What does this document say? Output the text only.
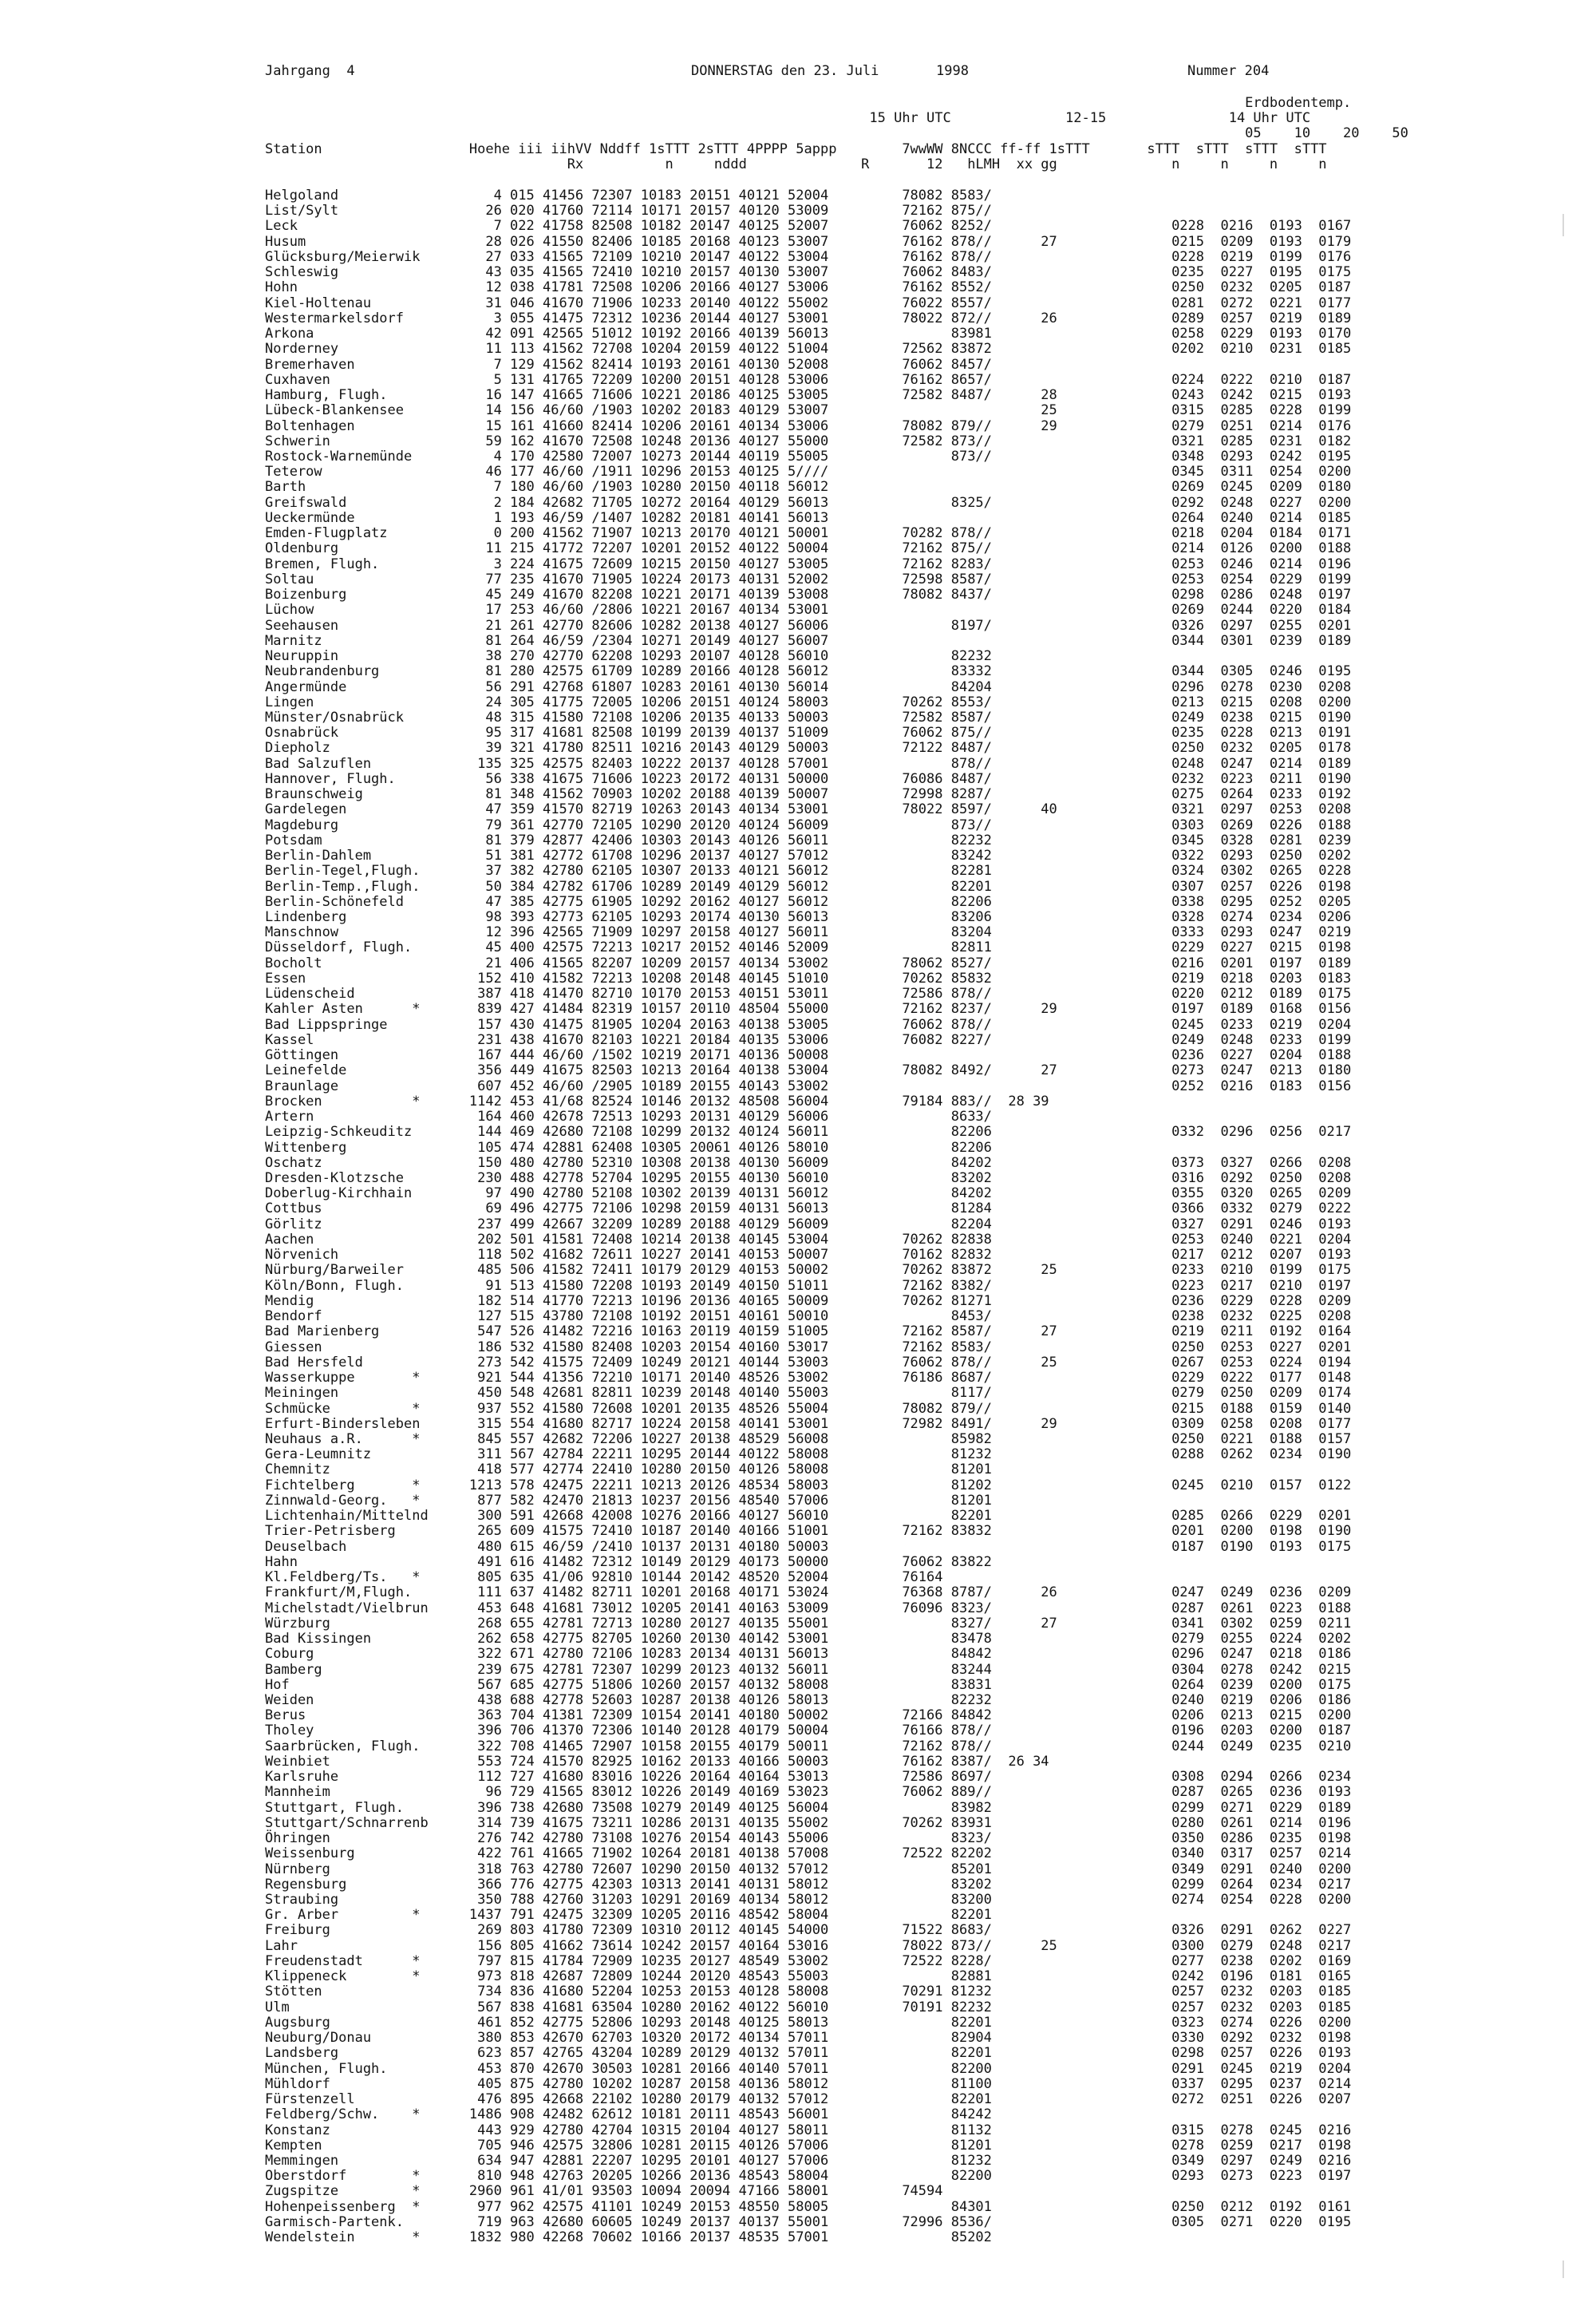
Jahrgang  4	DONNERSTAG den 23. Juli       1998	Nummer 204
Erdbodentemp.
15 Uhr UTC              12-15               14 Uhr UTC
05    10    20    50
Station                  Hoehe iii iihVV Nddff 1sTTT 2sTTT 4PPPP 5appp        7wwWW 8NCCC ff-ff 1sTTT       sTTT  sTTT  sTTT  sTTT
Rx          n     nddd              R       12   hLMH  xx gg              n     n     n     n
Helgoland                   4 015 41456 72307 10183 20151 40121 52004         78082 8583/
List/Sylt                  26 020 41760 72114 10171 20157 40120 53009         72162 875//
Leck                        7 022 41758 82508 10182 20147 40125 52007         76062 8252/                      0228  0216  0193  0167
Husum                      28 026 41550 82406 10185 20168 40123 53007         76162 878//      27              0215  0209  0193  0179
Glücksburg/Meierwik        27 033 41565 72109 10210 20147 40122 53004         76162 878//                      0228  0219  0199  0176
Schleswig                  43 035 41565 72410 10210 20157 40130 53007         76062 8483/                      0235  0227  0195  0175
Hohn                       12 038 41781 72508 10206 20166 40127 53006         76162 8552/                      0250  0232  0205  0187
Kiel-Holtenau              31 046 41670 71906 10233 20140 40122 55002         76022 8557/                      0281  0272  0221  0177
Westermarkelsdorf           3 055 41475 72312 10236 20144 40127 53001         78022 872//      26              0289  0257  0219  0189
Arkona                     42 091 42565 51012 10192 20166 40139 56013               83981                      0258  0229  0193  0170
Norderney                  11 113 41562 72708 10204 20159 40122 51004         72562 83872                      0202  0210  0231  0185
Bremerhaven                 7 129 41562 82414 10193 20161 40130 52008         76062 8457/
Cuxhaven                    5 131 41765 72209 10200 20151 40128 53006         76162 8657/                      0224  0222  0210  0187
Hamburg, Flugh.            16 147 41665 71606 10221 20186 40125 53005         72582 8487/      28              0243  0242  0215  0193
Lübeck-Blankensee          14 156 46/60 /1903 10202 20183 40129 53007                          25              0315  0285  0228  0199
Boltenhagen                15 161 41660 82414 10206 20161 40134 53006         78082 879//      29              0279  0251  0214  0176
Schwerin                   59 162 41670 72508 10248 20136 40127 55000         72582 873//                      0321  0285  0231  0182
Rostock-Warnemünde          4 170 42580 72007 10273 20144 40119 55005               873//                      0348  0293  0242  0195
Teterow                    46 177 46/60 /1911 10296 20153 40125 5////                                          0345  0311  0254  0200
Barth                       7 180 46/60 /1903 10280 20150 40118 56012                                          0269  0245  0209  0180
Greifswald                  2 184 42682 71705 10272 20164 40129 56013               8325/                      0292  0248  0227  0200
Ueckermünde                 1 193 46/59 /1407 10282 20181 40141 56013                                          0264  0240  0214  0185
Emden-Flugplatz             0 200 41562 71907 10213 20170 40121 50001         70282 878//                      0218  0204  0184  0171
Oldenburg                  11 215 41772 72207 10201 20152 40122 50004         72162 875//                      0214  0126  0200  0188
Bremen, Flugh.              3 224 41675 72609 10215 20150 40127 53005         72162 8283/                      0253  0246  0214  0196
Soltau                     77 235 41670 71905 10224 20173 40131 52002         72598 8587/                      0253  0254  0229  0199
Boizenburg                 45 249 41670 82208 10221 20171 40139 53008         78082 8437/                      0298  0286  0248  0197
Lüchow                     17 253 46/60 /2806 10221 20167 40134 53001                                          0269  0244  0220  0184
Seehausen                  21 261 42770 82606 10282 20138 40127 56006               8197/                      0326  0297  0255  0201
Marnitz                    81 264 46/59 /2304 10271 20149 40127 56007                                          0344  0301  0239  0189
Neuruppin                  38 270 42770 62208 10293 20107 40128 56010               82232
Neubrandenburg             81 280 42575 61709 10289 20166 40128 56012               83332                      0344  0305  0246  0195
Angermünde                 56 291 42768 61807 10283 20161 40130 56014               84204                      0296  0278  0230  0208
Lingen                     24 305 41775 72005 10206 20151 40124 58003         70262 8553/                      0213  0215  0208  0200
Münster/Osnabrück          48 315 41580 72108 10206 20135 40133 50003         72582 8587/                      0249  0238  0215  0190
Osnabrück                  95 317 41681 82508 10199 20139 40137 51009         76062 875//                      0235  0228  0213  0191
Diepholz                   39 321 41780 82511 10216 20143 40129 50003         72122 8487/                      0250  0232  0205  0178
Bad Salzuflen             135 325 42575 82403 10222 20137 40128 57001               878//                      0248  0247  0214  0189
Hannover, Flugh.           56 338 41675 71606 10223 20172 40131 50000         76086 8487/                      0232  0223  0211  0190
Braunschweig               81 348 41562 70903 10202 20188 40139 50007         72998 8287/                      0275  0264  0233  0192
Gardelegen                 47 359 41570 82719 10263 20143 40134 53001         78022 8597/      40              0321  0297  0253  0208
Magdeburg                  79 361 42770 72105 10290 20120 40124 56009               873//                      0303  0269  0226  0188
Potsdam                    81 379 42877 42406 10303 20143 40126 56011               82232                      0345  0328  0281  0239
Berlin-Dahlem              51 381 42772 61708 10296 20137 40127 57012               83242                      0322  0293  0250  0202
Berlin-Tegel,Flugh.        37 382 42780 62105 10307 20133 40121 56012               82281                      0324  0302  0265  0228
Berlin-Temp.,Flugh.        50 384 42782 61706 10289 20149 40129 56012               82201                      0307  0257  0226  0198
Berlin-Schönefeld          47 385 42775 61905 10292 20162 40127 56012               82206                      0338  0295  0252  0205
Lindenberg                 98 393 42773 62105 10293 20174 40130 56013               83206                      0328  0274  0234  0206
Manschnow                  12 396 42565 71909 10297 20158 40127 56011               83204                      0333  0293  0247  0219
Düsseldorf, Flugh.         45 400 42575 72213 10217 20152 40146 52009               82811                      0229  0227  0215  0198
Bocholt                    21 406 41565 82207 10209 20157 40134 53002         78062 8527/                      0216  0201  0197  0189
Essen                     152 410 41582 72213 10208 20148 40145 51010         70262 85832                      0219  0218  0203  0183
Lüdenscheid               387 418 41470 82710 10170 20153 40151 53011         72586 878//                      0220  0212  0189  0175
Kahler Asten      *       839 427 41484 82319 10157 20110 48504 55000         72162 8237/      29              0197  0189  0168  0156
Bad Lippspringe           157 430 41475 81905 10204 20163 40138 53005         76062 878//                      0245  0233  0219  0204
Kassel                    231 438 41670 82103 10221 20184 40135 53006         76082 8227/                      0249  0248  0233  0199
Göttingen                 167 444 46/60 /1502 10219 20171 40136 50008                                          0236  0227  0204  0188
Leinefelde                356 449 41675 82503 10213 20164 40138 53004         78082 8492/      27              0273  0247  0213  0180
Braunlage                 607 452 46/60 /2905 10189 20155 40143 53002                                          0252  0216  0183  0156
Brocken           *      1142 453 41/68 82524 10146 20132 48508 56004         79184 883//  28 39
Artern                    164 460 42678 72513 10293 20131 40129 56006               8633/
Leipzig-Schkeuditz        144 469 42680 72108 10299 20132 40124 56011               82206                      0332  0296  0256  0217
Wittenberg                105 474 42881 62408 10305 20061 40126 58010               82206
Oschatz                   150 480 42780 52310 10308 20138 40130 56009               84202                      0373  0327  0266  0208
Dresden-Klotzsche         230 488 42778 52704 10295 20155 40130 56010               83202                      0316  0292  0250  0208
Doberlug-Kirchhain         97 490 42780 52108 10302 20139 40131 56012               84202                      0355  0320  0265  0209
Cottbus                    69 496 42775 72106 10298 20159 40131 56013               81284                      0366  0332  0279  0222
Görlitz                   237 499 42667 32209 10289 20188 40129 56009               82204                      0327  0291  0246  0193
Aachen                    202 501 41581 72408 10214 20138 40145 53004         70262 82838                      0253  0240  0221  0204
Nörvenich                 118 502 41682 72611 10227 20141 40153 50007         70162 82832                      0217  0212  0207  0193
Nürburg/Barweiler         485 506 41582 72411 10179 20129 40153 50002         70262 83872      25              0233  0210  0199  0175
Köln/Bonn, Flugh.          91 513 41580 72208 10193 20149 40150 51011         72162 8382/                      0223  0217  0210  0197
Mendig                    182 514 41770 72213 10196 20136 40165 50009         70262 81271                      0236  0229  0228  0209
Bendorf                   127 515 43780 72108 10192 20151 40161 50010               8453/                      0238  0232  0225  0208
Bad Marienberg            547 526 41482 72216 10163 20119 40159 51005         72162 8587/      27              0219  0211  0192  0164
Giessen                   186 532 41580 82408 10203 20154 40160 53017         72162 8583/                      0250  0253  0227  0201
Bad Hersfeld              273 542 41575 72409 10249 20121 40144 53003         76062 878//      25              0267  0253  0224  0194
Wasserkuppe       *       921 544 41356 72210 10171 20140 48526 53002         76186 8687/                      0229  0222  0177  0148
Meiningen                 450 548 42681 82811 10239 20148 40140 55003               8117/                      0279  0250  0209  0174
Schmücke          *       937 552 41580 72608 10201 20135 48526 55004         78082 879//                      0215  0188  0159  0140
Erfurt-Bindersleben       315 554 41680 82717 10224 20158 40141 53001         72982 8491/      29              0309  0258  0208  0177
Neuhaus a.R.      *       845 557 42682 72206 10227 20138 48529 56008               85982                      0250  0221  0188  0157
Gera-Leumnitz             311 567 42784 22211 10295 20144 40122 58008               81232                      0288  0262  0234  0190
Chemnitz                  418 577 42774 22410 10280 20150 40126 58008               81201
Fichtelberg       *      1213 578 42475 22211 10213 20126 48534 58003               81202                      0245  0210  0157  0122
Zinnwald-Georg.   *       877 582 42470 21813 10237 20156 48540 57006               81201
Lichtenhain/Mittelnd      300 591 42668 42008 10276 20166 40127 56010               82201                      0285  0266  0229  0201
Trier-Petrisberg          265 609 41575 72410 10187 20140 40166 51001         72162 83832                      0201  0200  0198  0190
Deuselbach                480 615 46/59 /2410 10137 20131 40180 50003                                          0187  0190  0193  0175
Hahn                      491 616 41482 72312 10149 20129 40173 50000         76062 83822
Kl.Feldberg/Ts.   *       805 635 41/06 92810 10144 20142 48520 52004         76164
Frankfurt/M,Flugh.        111 637 41482 82711 10201 20168 40171 53024         76368 8787/      26              0247  0249  0236  0209
Michelstadt/Vielbrun      453 648 41681 73012 10205 20141 40163 53009         76096 8323/                      0287  0261  0223  0188
Würzburg                  268 655 42781 72713 10280 20127 40135 55001               8327/      27              0341  0302  0259  0211
Bad Kissingen             262 658 42775 82705 10260 20130 40142 53001               83478                      0279  0255  0224  0202
Coburg                    322 671 42780 72106 10283 20134 40131 56013               84842                      0296  0247  0218  0186
Bamberg                   239 675 42781 72307 10299 20123 40132 56011               83244                      0304  0278  0242  0215
Hof                       567 685 42775 51806 10260 20157 40132 58008               83831                      0264  0239  0200  0175
Weiden                    438 688 42778 52603 10287 20138 40126 58013               82232                      0240  0219  0206  0186
Berus                     363 704 41381 72309 10154 20141 40180 50002         72166 84842                      0206  0213  0215  0200
Tholey                    396 706 41370 72306 10140 20128 40179 50004         76166 878//                      0196  0203  0200  0187
Saarbrücken, Flugh.       322 708 41465 72907 10158 20155 40179 50011         72162 878//                      0244  0249  0235  0210
Weinbiet                  553 724 41570 82925 10162 20133 40166 50003         76162 8387/  26 34
Karlsruhe                 112 727 41680 83016 10226 20164 40164 53013         72586 8697/                      0308  0294  0266  0234
Mannheim                   96 729 41565 83012 10226 20149 40169 53023         76062 889//                      0287  0265  0236  0193
Stuttgart, Flugh.         396 738 42680 73508 10279 20149 40125 56004               83982                      0299  0271  0229  0189
Stuttgart/Schnarrenb      314 739 41675 73211 10286 20131 40135 55002         70262 83931                      0280  0261  0214  0196
Öhringen                  276 742 42780 73108 10276 20154 40143 55006               8323/                      0350  0286  0235  0198
Weissenburg               422 761 41665 71902 10264 20181 40138 57008         72522 82202                      0340  0317  0257  0214
Nürnberg                  318 763 42780 72607 10290 20150 40132 57012               85201                      0349  0291  0240  0200
Regensburg                366 776 42775 42303 10313 20141 40131 58012               83202                      0299  0264  0234  0217
Straubing                 350 788 42760 31203 10291 20169 40134 58012               83200                      0274  0254  0228  0200
Gr. Arber         *      1437 791 42475 32309 10205 20116 48542 58004               82201
Freiburg                  269 803 41780 72309 10310 20112 40145 54000         71522 8683/                      0326  0291  0262  0227
Lahr                      156 805 41662 73614 10242 20157 40164 53016         78022 873//      25              0300  0279  0248  0217
Freudenstadt      *       797 815 41784 72909 10235 20127 48549 53002         72522 8228/                      0277  0238  0202  0169
Klippeneck        *       973 818 42687 72809 10244 20120 48543 55003               82881                      0242  0196  0181  0165
Stötten                   734 836 41680 52204 10253 20153 40128 58008         70291 81232                      0257  0232  0203  0185
Ulm                       567 838 41681 63504 10280 20162 40122 56010         70191 82232                      0257  0232  0203  0185
Augsburg                  461 852 42775 52806 10293 20148 40125 58013               82201                      0323  0274  0226  0200
Neuburg/Donau             380 853 42670 62703 10320 20172 40134 57011               82904                      0330  0292  0232  0198
Landsberg                 623 857 42765 43204 10289 20129 40132 57011               82201                      0298  0257  0226  0193
München, Flugh.           453 870 42670 30503 10281 20166 40140 57011               82200                      0291  0245  0219  0204
Mühldorf                  405 875 42780 10202 10287 20158 40136 58012               81100                      0337  0295  0237  0214
Fürstenzell               476 895 42668 22102 10280 20179 40132 57012               82201                      0272  0251  0226  0207
Feldberg/Schw.    *      1486 908 42482 62612 10181 20111 48543 56001               84242
Konstanz                  443 929 42780 42704 10315 20104 40127 58011               81132                      0315  0278  0245  0216
Kempten                   705 946 42575 32806 10281 20115 40126 57006               81201                      0278  0259  0217  0198
Memmingen                 634 947 42881 22207 10295 20101 40127 57006               81232                      0349  0297  0249  0216
Oberstdorf        *       810 948 42763 20205 10266 20136 48543 58004               82200                      0293  0273  0223  0197
Zugspitze         *      2960 961 41/01 93503 10094 20094 47166 58001         74594
Hohenpeissenberg  *       977 962 42575 41101 10249 20153 48550 58005               84301                      0250  0212  0192  0161
Garmisch-Partenk.         719 963 42680 60605 10249 20137 40137 55001         72996 8536/                      0305  0271  0220  0195
Wendelstein       *      1832 980 42268 70602 10166 20137 48535 57001               85202
